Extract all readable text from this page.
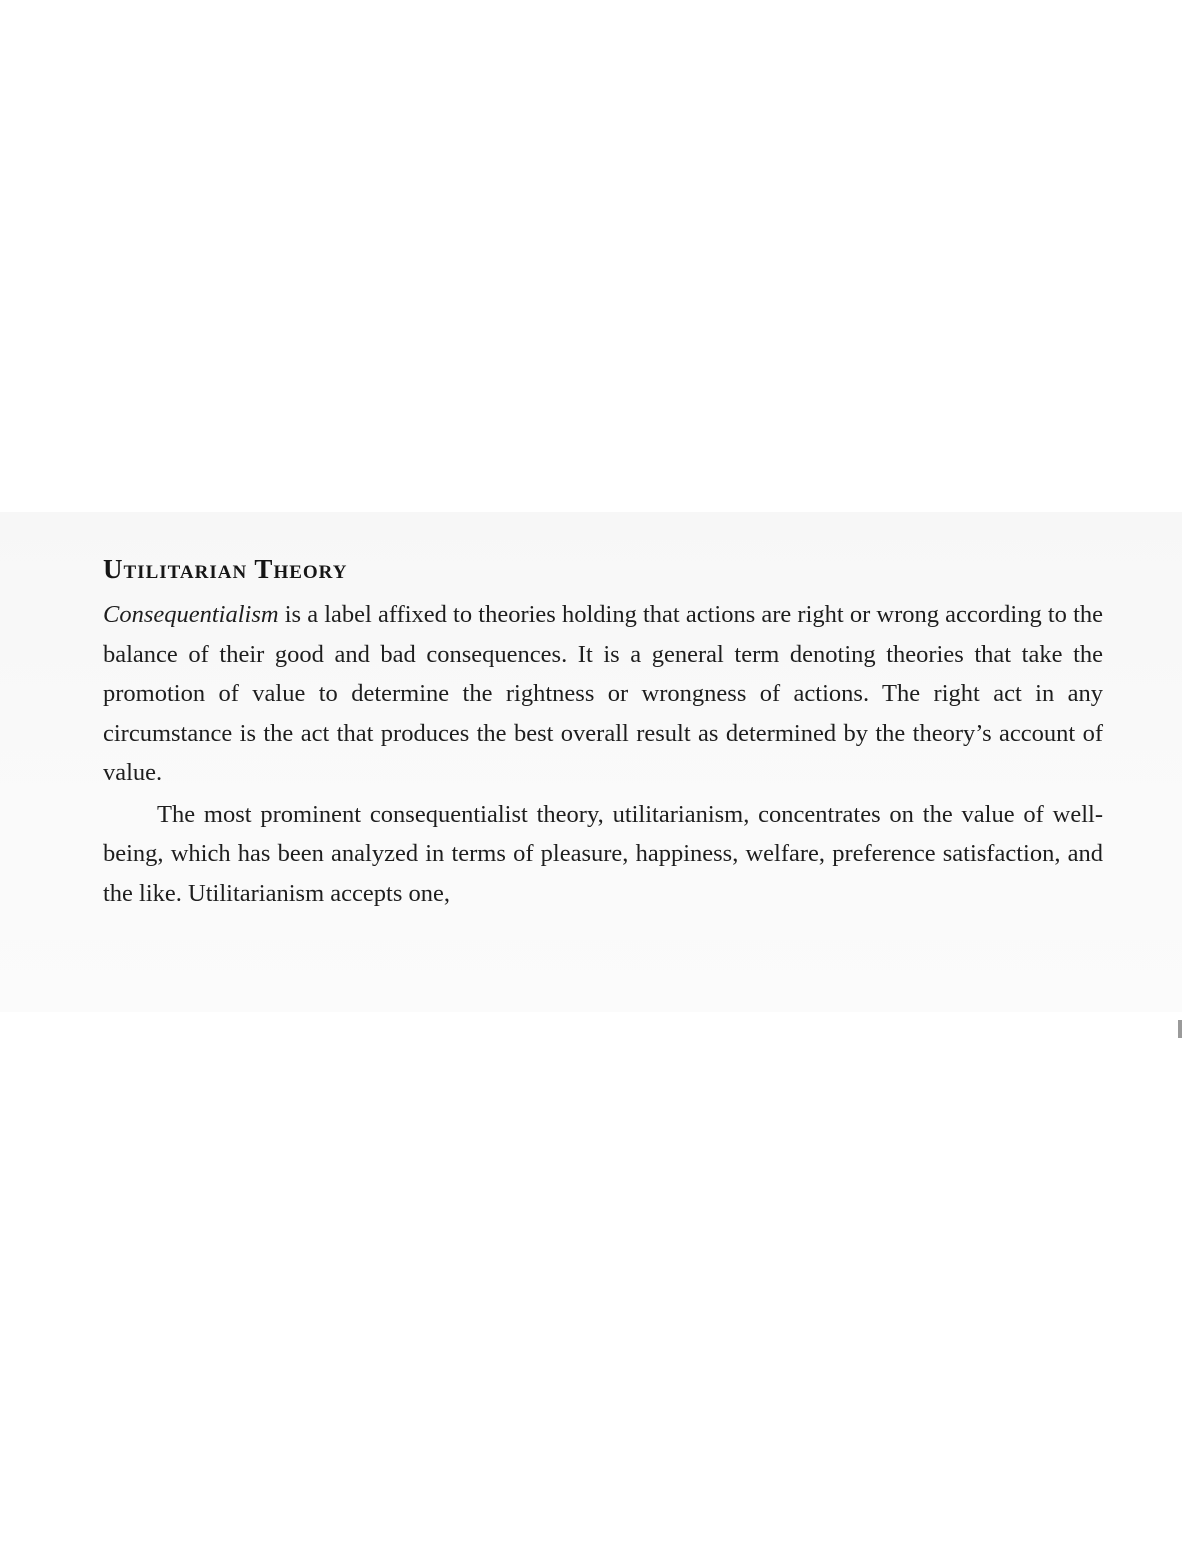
Utilitarian Theory

Consequentialism is a label affixed to theories holding that actions are right or wrong according to the balance of their good and bad consequences. It is a general term denoting theories that take the promotion of value to determine the rightness or wrongness of actions. The right act in any circumstance is the act that produces the best overall result as determined by the theory’s account of value.

The most prominent consequentialist theory, utilitarianism, concentrates on the value of well-being, which has been analyzed in terms of pleasure, happiness, welfare, preference satisfaction, and the like. Utilitarianism accepts one,
